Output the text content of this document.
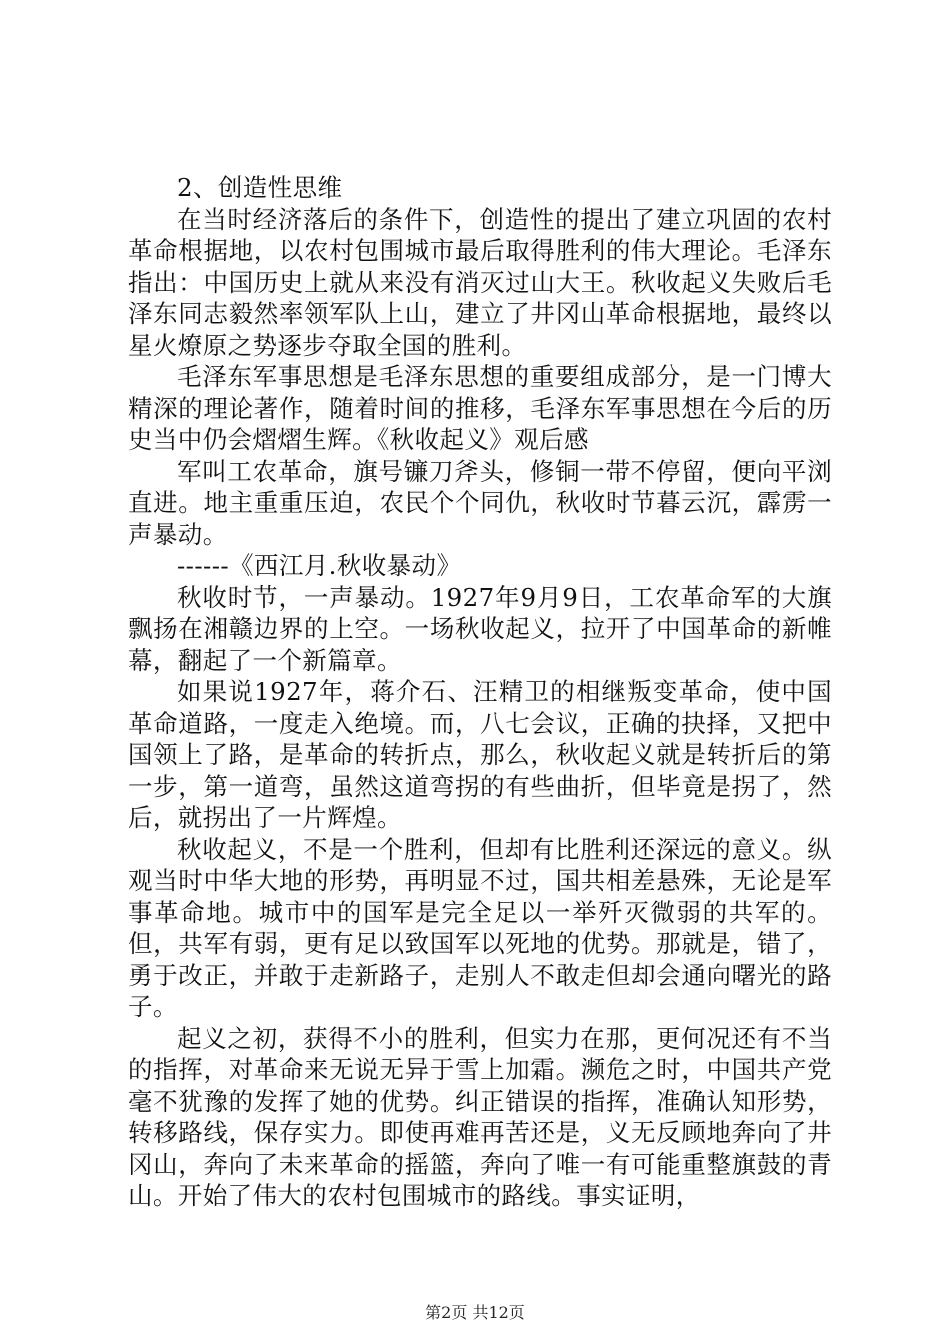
2、创造性思维

在当时经济落后的条件下，创造性的提出了建立巩固的农村革命根据地，以农村包围城市最后取得胜利的伟大理论。毛泽东指出：中国历史上就从来没有消灭过山大王。秋收起义失败后毛泽东同志毅然率领军队上山，建立了井冈山革命根据地，最终以星火燎原之势逐步夺取全国的胜利。

毛泽东军事思想是毛泽东思想的重要组成部分，是一门博大精深的理论著作，随着时间的推移，毛泽东军事思想在今后的历史当中仍会熠熠生辉。《秋收起义》观后感

军叫工农革命，旗号镰刀斧头，修铜一带不停留，便向平浏直进。地主重重压迫，农民个个同仇，秋收时节暮云沉，霹雳一声暴动。

------《西江月.秋收暴动》

秋收时节，一声暴动。1927年9月9日，工农革命军的大旗飘扬在湘赣边界的上空。一场秋收起义，拉开了中国革命的新帷幕，翻起了一个新篇章。

如果说1927年，蒋介石、汪精卫的相继叛变革命，使中国革命道路，一度走入绝境。而，八七会议，正确的抉择，又把中国领上了路，是革命的转折点，那么，秋收起义就是转折后的第一步，第一道弯，虽然这道弯拐的有些曲折，但毕竟是拐了，然后，就拐出了一片辉煌。

秋收起义，不是一个胜利，但却有比胜利还深远的意义。纵观当时中华大地的形势，再明显不过，国共相差悬殊，无论是军事革命地。城市中的国军是完全足以一举歼灭微弱的共军的。但，共军有弱，更有足以致国军以死地的优势。那就是，错了，勇于改正，并敢于走新路子，走别人不敢走但却会通向曙光的路子。

起义之初，获得不小的胜利，但实力在那，更何况还有不当的指挥，对革命来无说无异于雪上加霜。濒危之时，中国共产党毫不犹豫的发挥了她的优势。纠正错误的指挥，准确认知形势，转移路线，保存实力。即使再难再苦还是，义无反顾地奔向了井冈山，奔向了未来革命的摇篮，奔向了唯一有可能重整旗鼓的青山。开始了伟大的农村包围城市的路线。事实证明，

第2页 共12页
